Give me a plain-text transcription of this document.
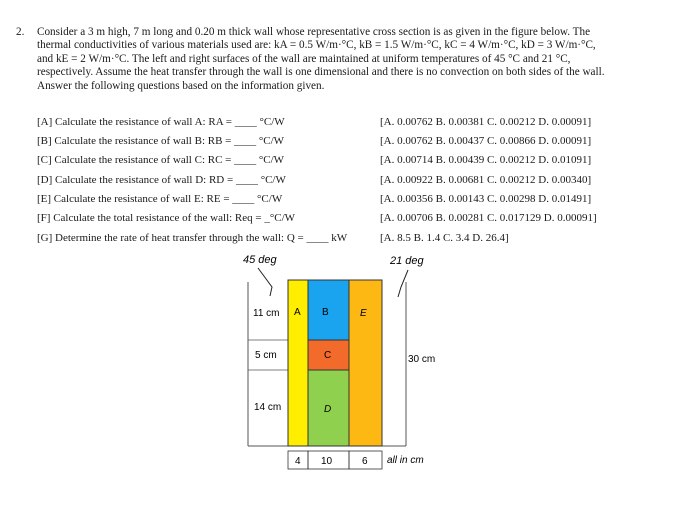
2. Consider a 3 m high, 7 m long and 0.20 m thick wall whose representative cross section is as given in the figure below. The
thermal conductivities of various materials used are: kA = 0.5 W/m·°C, kB = 1.5 W/m·°C, kC = 4 W/m·°C, kD = 3 W/m·°C,
and kE = 2 W/m·°C. The left and right surfaces of the wall are maintained at uniform temperatures of 45 °C and 21 °C,
respectively. Assume the heat transfer through the wall is one dimensional and there is no convection on both sides of the wall.
Answer the following questions based on the information given.
[A] Calculate the resistance of wall A: RA = ____ °C/W	[A. 0.00762 B. 0.00381 C. 0.00212 D. 0.00091]
[B] Calculate the resistance of wall B: RB = ____ °C/W	[A. 0.00762 B. 0.00437 C. 0.00866 D. 0.00091]
[C] Calculate the resistance of wall C: RC = ____ °C/W	[A. 0.00714 B. 0.00439 C. 0.00212 D. 0.01091]
[D] Calculate the resistance of wall D: RD = ____ °C/W	[A. 0.00922 B. 0.00681 C. 0.00212 D. 0.00340]
[E] Calculate the resistance of wall E: RE = ____ °C/W	[A. 0.00356 B. 0.00143 C. 0.00298 D. 0.01491]
[F] Calculate the total resistance of the wall: Req = _°C/W	[A. 0.00706 B. 0.00281 C. 0.017129 D. 0.00091]
[G] Determine the rate of heat transfer through the wall: Q = ____ kW	[A. 8.5 B. 1.4 C. 3.4 D. 26.4]
45 deg	21 deg
A B
C
D
E
11 cm
5 cm
14 cm
30 cm
4 10	6 all in cm
